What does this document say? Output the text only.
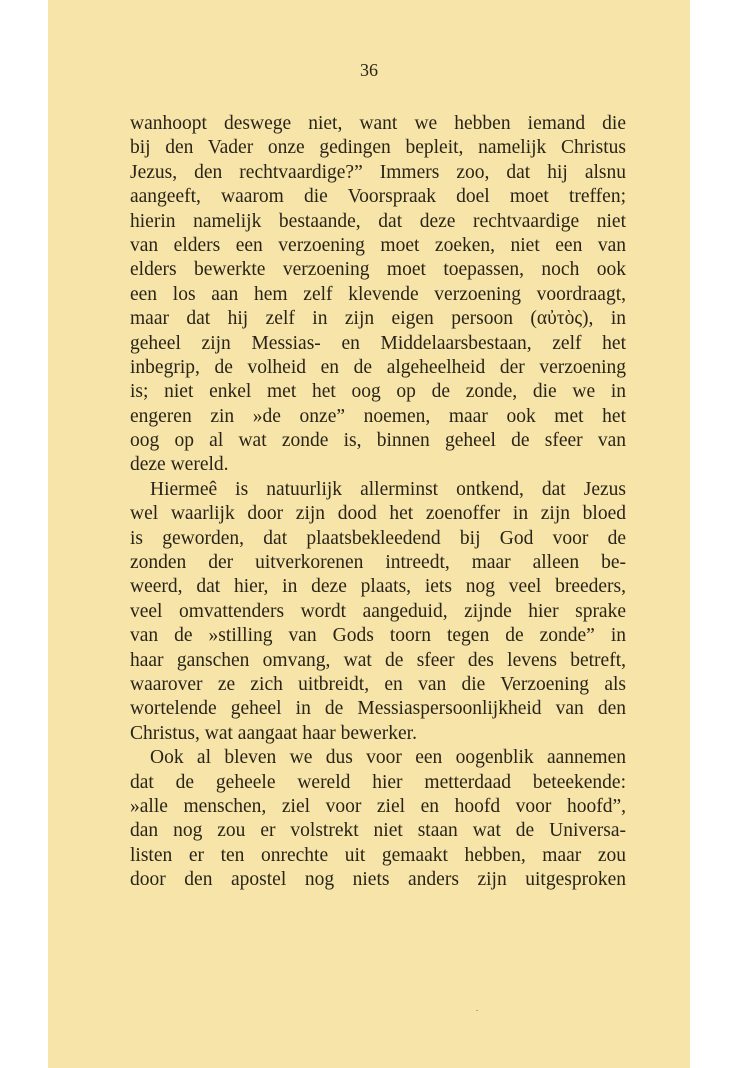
36
wanhoopt deswege niet, want we hebben iemand die
bij den Vader onze gedingen bepleit, namelijk Christus
Jezus, den rechtvaardige?” Immers zoo, dat hij alsnu
aangeeft, waarom die Voorspraak doel moet treffen;
hierin namelijk bestaande, dat deze rechtvaardige niet
van elders een verzoening moet zoeken, niet een van
elders bewerkte verzoening moet toepassen, noch ook
een los aan hem zelf klevende verzoening voordraagt,
maar dat hij zelf in zijn eigen persoon (αὐτὸς), in
geheel zijn Messias- en Middelaarsbestaan, zelf het
inbegrip, de volheid en de algeheelheid der verzoening
is; niet enkel met het oog op de zonde, die we in
engeren zin »de onze” noemen, maar ook met het
oog op al wat zonde is, binnen geheel de sfeer van
deze wereld.
Hiermeê is natuurlijk allerminst ontkend, dat Jezus
wel waarlijk door zijn dood het zoenoffer in zijn bloed
is geworden, dat plaatsbekleedend bij God voor de
zonden der uitverkorenen intreedt, maar alleen be-
weerd, dat hier, in deze plaats, iets nog veel breeders,
veel omvattenders wordt aangeduid, zijnde hier sprake
van de »stilling van Gods toorn tegen de zonde” in
haar ganschen omvang, wat de sfeer des levens betreft,
waarover ze zich uitbreidt, en van die Verzoening als
wortelende geheel in de Messiaspersoonlijkheid van den
Christus, wat aangaat haar bewerker.
Ook al bleven we dus voor een oogenblik aannemen
dat de geheele wereld hier metterdaad beteekende:
»alle menschen, ziel voor ziel en hoofd voor hoofd”,
dan nog zou er volstrekt niet staan wat de Universa-
listen er ten onrechte uit gemaakt hebben, maar zou
door den apostel nog niets anders zijn uitgesproken
